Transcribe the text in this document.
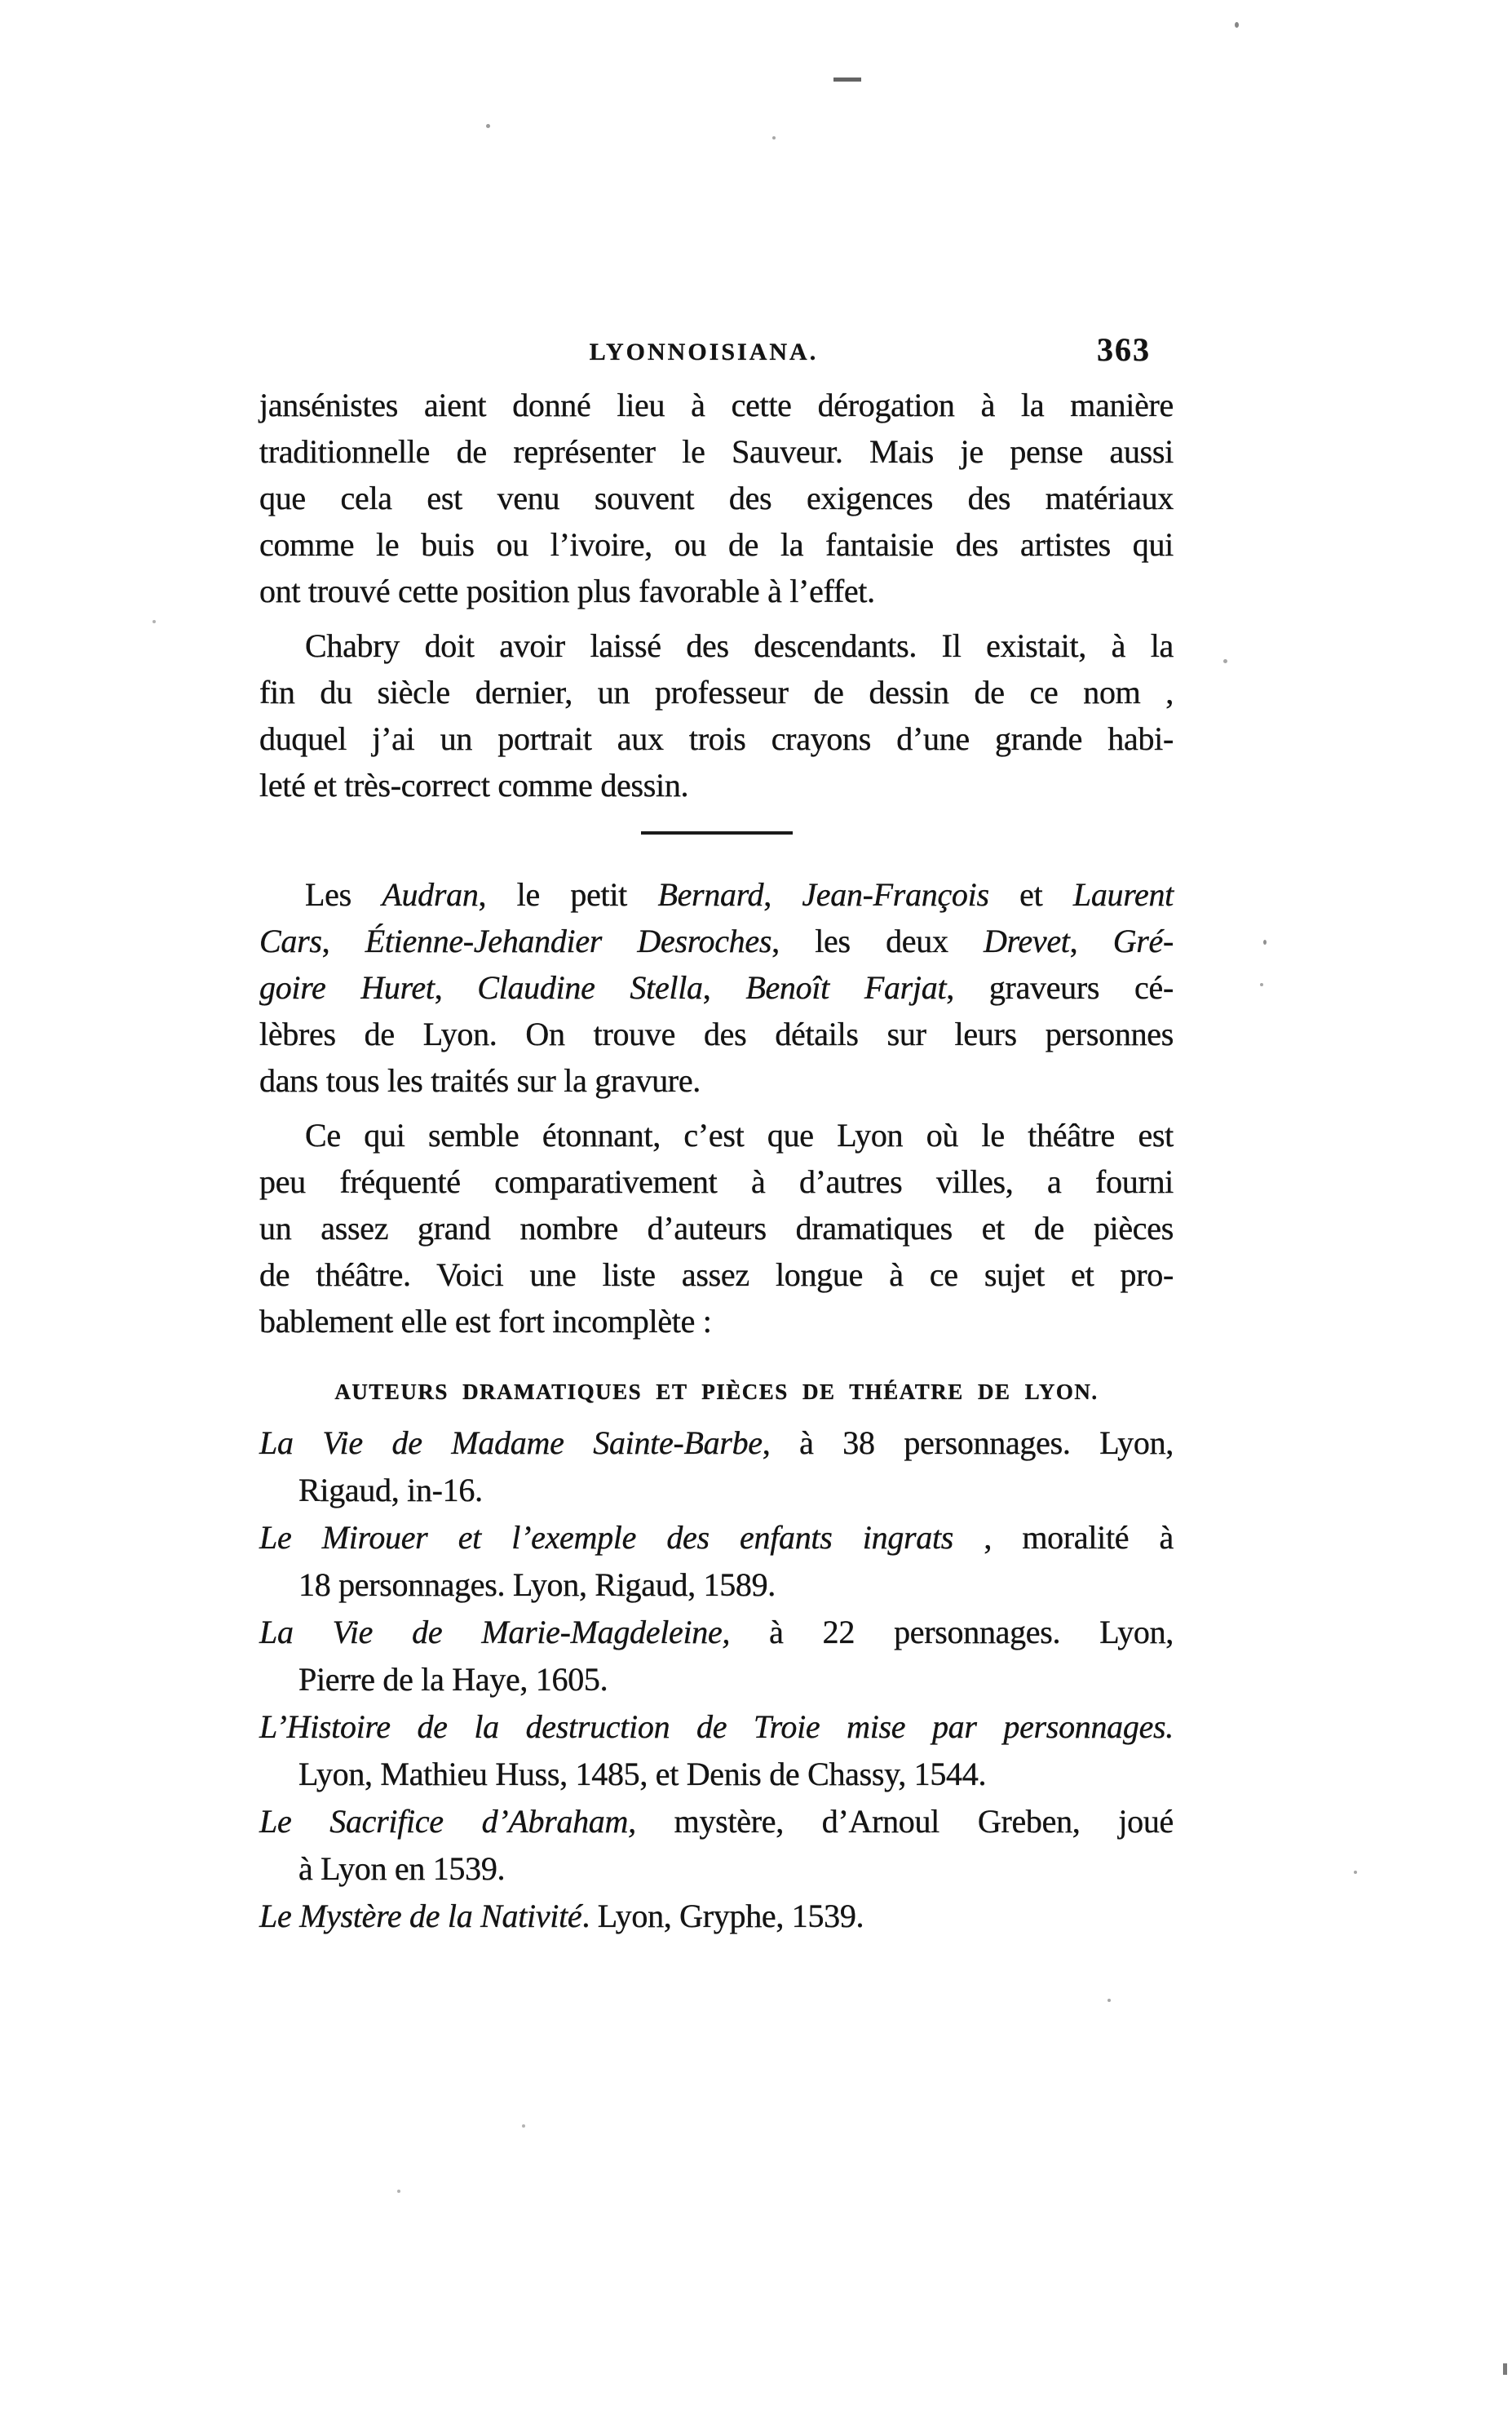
LYONNOISIANA.	363
jansénistes aient donné lieu à cette dérogation à la manière
traditionnelle de représenter le Sauveur. Mais je pense aussi
que cela est venu souvent des exigences des matériaux
comme le buis ou l’ivoire, ou de la fantaisie des artistes qui
ont trouvé cette position plus favorable à l’effet.
Chabry doit avoir laissé des descendants. Il existait, à la
fin du siècle dernier, un professeur de dessin de ce nom ,
duquel j’ai un portrait aux trois crayons d’une grande habi-
leté et très-correct comme dessin.
Les Audran, le petit Bernard, Jean-François et Laurent
Cars, Étienne-Jehandier Desroches, les deux Drevet, Gré-
goire Huret, Claudine Stella, Benoît Farjat, graveurs cé-
lèbres de Lyon. On trouve des détails sur leurs personnes
dans tous les traités sur la gravure.
Ce qui semble étonnant, c’est que Lyon où le théâtre est
peu fréquenté comparativement à d’autres villes, a fourni
un assez grand nombre d’auteurs dramatiques et de pièces
de théâtre. Voici une liste assez longue à ce sujet et pro-
bablement elle est fort incomplète :
AUTEURS DRAMATIQUES ET PIÈCES DE THÉATRE DE LYON.
La Vie de Madame Sainte-Barbe, à 38 personnages. Lyon,
Rigaud, in-16.
Le Mirouer et l’exemple des enfants ingrats , moralité à
18 personnages. Lyon, Rigaud, 1589.
La Vie de Marie-Magdeleine, à 22 personnages. Lyon,
Pierre de la Haye, 1605.
L’Histoire de la destruction de Troie mise par personnages.
Lyon, Mathieu Huss, 1485, et Denis de Chassy, 1544.
Le Sacrifice d’Abraham, mystère, d’Arnoul Greben, joué
à Lyon en 1539.
Le Mystère de la Nativité. Lyon, Gryphe, 1539.
